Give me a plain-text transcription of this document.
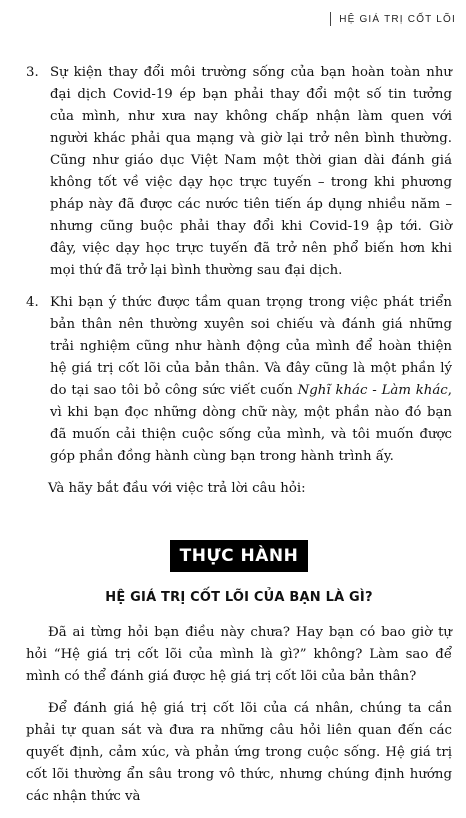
HỆ GIÁ TRỊ CỐT LÕI
3. Sự kiện thay đổi môi trường sống của bạn hoàn toàn như đại dịch Covid-19 ép bạn phải thay đổi một số tin tưởng của mình, như xưa nay không chấp nhận làm quen với người khác phải qua mạng và giờ lại trở nên bình thường. Cũng như giáo dục Việt Nam một thời gian dài đánh giá không tốt về việc dạy học trực tuyến – trong khi phương pháp này đã được các nước tiên tiến áp dụng nhiều năm – nhưng cũng buộc phải thay đổi khi Covid-19 ập tới. Giờ đây, việc dạy học trực tuyến đã trở nên phổ biến hơn khi mọi thứ đã trở lại bình thường sau đại dịch.
4. Khi bạn ý thức được tầm quan trọng trong việc phát triển bản thân nên thường xuyên soi chiếu và đánh giá những trải nghiệm cũng như hành động của mình để hoàn thiện hệ giá trị cốt lõi của bản thân. Và đây cũng là một phần lý do tại sao tôi bỏ công sức viết cuốn Nghĩ khác - Làm khác, vì khi bạn đọc những dòng chữ này, một phần nào đó bạn đã muốn cải thiện cuộc sống của mình, và tôi muốn được góp phần đồng hành cùng bạn trong hành trình ấy.

Và hãy bắt đầu với việc trả lời câu hỏi:

THỰC HÀNH
HỆ GIÁ TRỊ CỐT LÕI CỦA BẠN LÀ GÌ?

Đã ai từng hỏi bạn điều này chưa? Hay bạn có bao giờ tự hỏi “Hệ giá trị cốt lõi của mình là gì?” không? Làm sao để mình có thể đánh giá được hệ giá trị cốt lõi của bản thân?

Để đánh giá hệ giá trị cốt lõi của cá nhân, chúng ta cần phải tự quan sát và đưa ra những câu hỏi liên quan đến các quyết định, cảm xúc, và phản ứng trong cuộc sống. Hệ giá trị cốt lõi thường ẩn sâu trong vô thức, nhưng chúng định hướng các nhận thức và
